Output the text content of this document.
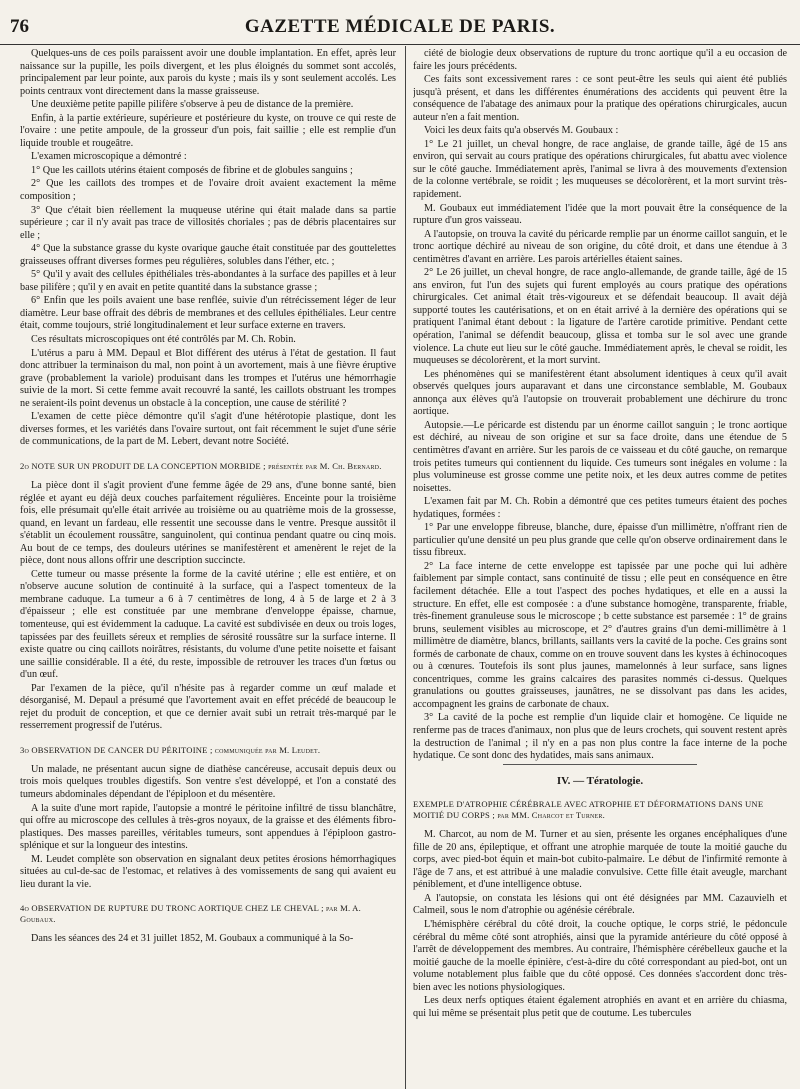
76	GAZETTE MÉDICALE DE PARIS.

Quelques-uns de ces poils paraissent avoir une double implantation. En effet, après leur naissance sur la pupille, les poils divergent, et les plus éloignés du sommet sont accolés, principalement par leur pointe, aux parois du kyste ; mais ils y sont seulement accolés. Les points centraux vont directement dans la masse graisseuse.

Une deuxième petite papille pilifère s'observe à peu de distance de la première.

Enfin, à la partie extérieure, supérieure et postérieure du kyste, on trouve ce qui reste de l'ovaire : une petite ampoule, de la grosseur d'un pois, fait saillie ; elle est remplie d'un liquide trouble et rougeâtre.

L'examen microscopique a démontré :

1° Que les caillots utérins étaient composés de fibrine et de globules sanguins ;

2° Que les caillots des trompes et de l'ovaire droit avaient exactement la même composition ;

3° Que c'était bien réellement la muqueuse utérine qui était malade dans sa partie supérieure ; car il n'y avait pas trace de villosités choriales ; pas de débris placentaires sur elle ;

4° Que la substance grasse du kyste ovarique gauche était constituée par des gouttelettes graisseuses offrant diverses formes peu régulières, solubles dans l'éther, etc. ;

5° Qu'il y avait des cellules épithéliales très-abondantes à la surface des papilles et à leur base pilifère ; qu'il y en avait en petite quantité dans la substance grasse ;

6° Enfin que les poils avaient une base renflée, suivie d'un rétrécissement léger de leur diamètre. Leur base offrait des débris de membranes et des cellules épithéliales. Leur centre était, comme toujours, strié longitudinalement et leur surface externe en travers.

Ces résultats microscopiques ont été contrôlés par M. Ch. Robin.

L'utérus a paru à MM. Depaul et Blot différent des utérus à l'état de gestation. Il faut donc attribuer la terminaison du mal, non point à un avortement, mais à une fièvre éruptive grave (probablement la variole) produisant dans les trompes et l'utérus une hémorrhagie suivie de la mort. Si cette femme avait recouvré la santé, les caillots obstruant les trompes ne seraient-ils point devenus un obstacle à la conception, une cause de stérilité ?

L'examen de cette pièce démontre qu'il s'agit d'une hétérotopie plastique, dont les diverses formes, et les variétés dans l'ovaire surtout, ont fait récemment le sujet d'une série de communications, de la part de M. Lebert, devant notre Société.

2o NOTE SUR UN PRODUIT DE LA CONCEPTION MORBIDE ; présentée par M. Ch. Bernard.

La pièce dont il s'agit provient d'une femme âgée de 29 ans, d'une bonne santé, bien réglée et ayant eu déjà deux couches parfaitement régulières. Enceinte pour la troisième fois, elle présumait qu'elle était arrivée au troisième ou au quatrième mois de la grossesse, quand, en levant un fardeau, elle ressentit une secousse dans le ventre. Presque aussitôt il s'établit un écoulement roussâtre, sanguinolent, qui continua pendant quatre ou cinq mois. Au bout de ce temps, des douleurs utérines se manifestèrent et amenèrent le rejet de la pièce, dont nous allons offrir une description succincte.

Cette tumeur ou masse présente la forme de la cavité utérine ; elle est entière, et on n'observe aucune solution de continuité à la surface, qui a l'aspect tomenteux de la membrane caduque. La tumeur a 6 à 7 centimètres de long, 4 à 5 de large et 2 à 3 d'épaisseur ; elle est constituée par une membrane d'enveloppe épaisse, charnue, tomenteuse, qui est évidemment la caduque. La cavité est subdivisée en deux ou trois loges, tapissées par des feuillets séreux et remplies de sérosité roussâtre sur la surface interne. Il existe quatre ou cinq caillots noirâtres, résistants, du volume d'une petite noisette et faisant une saillie considérable. Il a été, du reste, impossible de retrouver les traces d'un fœtus ou d'un œuf.

Par l'examen de la pièce, qu'il n'hésite pas à regarder comme un œuf malade et désorganisé, M. Depaul a présumé que l'avortement avait en effet précédé de beaucoup le rejet du produit de conception, et que ce dernier avait subi un retrait très-marqué par le resserrement progressif de l'utérus.

3o OBSERVATION DE CANCER DU PÉRITOINE ; communiquée par M. Leudet.

Un malade, ne présentant aucun signe de diathèse cancéreuse, accusait depuis deux ou trois mois quelques troubles digestifs. Son ventre s'est développé, et l'on a constaté des tumeurs abdominales dépendant de l'épiploon et du mésentère.

A la suite d'une mort rapide, l'autopsie a montré le péritoine infiltré de tissu blanchâtre, qui offre au microscope des cellules à très-gros noyaux, de la graisse et des éléments fibro-plastiques. Des masses pareilles, véritables tumeurs, sont appendues à l'épiploon gastro-splénique et sur la longueur des intestins.

M. Leudet complète son observation en signalant deux petites érosions hémorrhagiques situées au cul-de-sac de l'estomac, et relatives à des vomissements de sang qui avaient eu lieu durant la vie.

4o OBSERVATION DE RUPTURE DU TRONC AORTIQUE CHEZ LE CHEVAL ; par M. A. Goubaux.

Dans les séances des 24 et 31 juillet 1852, M. Goubaux a communiqué à la So-

ciété de biologie deux observations de rupture du tronc aortique qu'il a eu occasion de faire les jours précédents.

Ces faits sont excessivement rares : ce sont peut-être les seuls qui aient été publiés jusqu'à présent, et dans les différentes énumérations des accidents qui peuvent être la conséquence de l'abatage des animaux pour la pratique des opérations chirurgicales, aucun auteur n'en a fait mention.

Voici les deux faits qu'a observés M. Goubaux :

1° Le 21 juillet, un cheval hongre, de race anglaise, de grande taille, âgé de 15 ans environ, qui servait au cours pratique des opérations chirurgicales, fut abattu avec violence sur le côté gauche. Immédiatement après, l'animal se livra à des mouvements d'extension de la colonne vertébrale, se roidit ; les muqueuses se décolorèrent, et la mort survint très-rapidement.

M. Goubaux eut immédiatement l'idée que la mort pouvait être la conséquence de la rupture d'un gros vaisseau.

A l'autopsie, on trouva la cavité du péricarde remplie par un énorme caillot sanguin, et le tronc aortique déchiré au niveau de son origine, du côté droit, et dans une étendue à 3 centimètres d'avant en arrière. Les parois artérielles étaient saines.

2° Le 26 juillet, un cheval hongre, de race anglo-allemande, de grande taille, âgé de 15 ans environ, fut l'un des sujets qui furent employés au cours pratique des opérations chirurgicales. Cet animal était très-vigoureux et se défendait beaucoup. Il avait déjà supporté toutes les cautérisations, et on en était arrivé à la dernière des opérations qui se pratiquent l'animal étant debout : la ligature de l'artère carotide primitive. Pendant cette opération, l'animal se défendit beaucoup, glissa et tomba sur le sol avec une grande violence. La chute eut lieu sur le côté gauche. Immédiatement après, le cheval se roidit, les muqueuses se décolorèrent, et la mort survint.

Les phénomènes qui se manifestèrent étant absolument identiques à ceux qu'il avait observés quelques jours auparavant et dans une circonstance semblable, M. Goubaux annonça aux élèves qu'à l'autopsie on trouverait probablement une déchirure du tronc aortique.

Autopsie.—Le péricarde est distendu par un énorme caillot sanguin ; le tronc aortique est déchiré, au niveau de son origine et sur sa face droite, dans une étendue de 5 centimètres d'avant en arrière. Sur les parois de ce vaisseau et du côté gauche, on remarque trois petites tumeurs qui contiennent du liquide. Ces tumeurs sont inégales en volume : la plus volumineuse est grosse comme une petite noix, et les deux autres comme de petites noisettes.

L'examen fait par M. Ch. Robin a démontré que ces petites tumeurs étaient des poches hydatiques, formées :

1° Par une enveloppe fibreuse, blanche, dure, épaisse d'un millimètre, n'offrant rien de particulier qu'une densité un peu plus grande que celle qu'on observe ordinairement dans le tissu fibreux.

2° La face interne de cette enveloppe est tapissée par une poche qui lui adhère faiblement par simple contact, sans continuité de tissu ; elle peut en conséquence en être facilement détachée. Elle a tout l'aspect des poches hydatiques, et elle en a aussi la structure. En effet, elle est composée : a d'une substance homogène, transparente, friable, très-finement granuleuse sous le microscope ; b cette substance est parsemée : 1° de grains bruns, seulement visibles au microscope, et 2° d'autres grains d'un demi-millimètre à 1 millimètre de diamètre, blancs, brillants, saillants vers la cavité de la poche. Ces grains sont formés de carbonate de chaux, comme on en trouve souvent dans les kystes à échinocoques ou à cœnures. Toutefois ils sont plus jaunes, mamelonnés à leur surface, sans lignes concentriques, comme les grains calcaires des parasites nommés ci-dessus. Quelques granulations ou gouttes graisseuses, jaunâtres, ne se dissolvant pas dans les acides, accompagnent les grains de carbonate de chaux.

3° La cavité de la poche est remplie d'un liquide clair et homogène. Ce liquide ne renferme pas de traces d'animaux, non plus que de leurs crochets, qui souvent restent après la destruction de l'animal ; il n'y en a pas non plus contre la face interne de la poche hydatique. Ce sont donc des hydatides, mais sans animaux.

IV. — Tératologie.
EXEMPLE D'ATROPHIE CÉRÉBRALE AVEC ATROPHIE ET DÉFORMATIONS DANS UNE MOITIÉ DU CORPS ; par MM. Charcot et Turner.

M. Charcot, au nom de M. Turner et au sien, présente les organes encéphaliques d'une fille de 20 ans, épileptique, et offrant une atrophie marquée de toute la moitié gauche du corps, avec pied-bot équin et main-bot cubito-palmaire. Le début de l'infirmité remonte à l'âge de 7 ans, et est attribué à une maladie convulsive. Cette fille était aveugle, marchant péniblement, et d'une intelligence obtuse.

A l'autopsie, on constata les lésions qui ont été désignées par MM. Cazauvielh et Calmeil, sous le nom d'atrophie ou agénésie cérébrale.

L'hémisphère cérébral du côté droit, la couche optique, le corps strié, le pédoncule cérébral du même côté sont atrophiés, ainsi que la pyramide antérieure du côté opposé à l'arrêt de développement des membres. Au contraire, l'hémisphère cérébelleux gauche et la moitié gauche de la moelle épinière, c'est-à-dire du côté correspondant au pied-bot, ont un volume notablement plus faible que du côté opposé. Ces données s'accordent donc très-bien avec les notions physiologiques.

Les deux nerfs optiques étaient également atrophiés en avant et en arrière du chiasma, qui lui même se présentait plus petit que de coutume. Les tubercules
